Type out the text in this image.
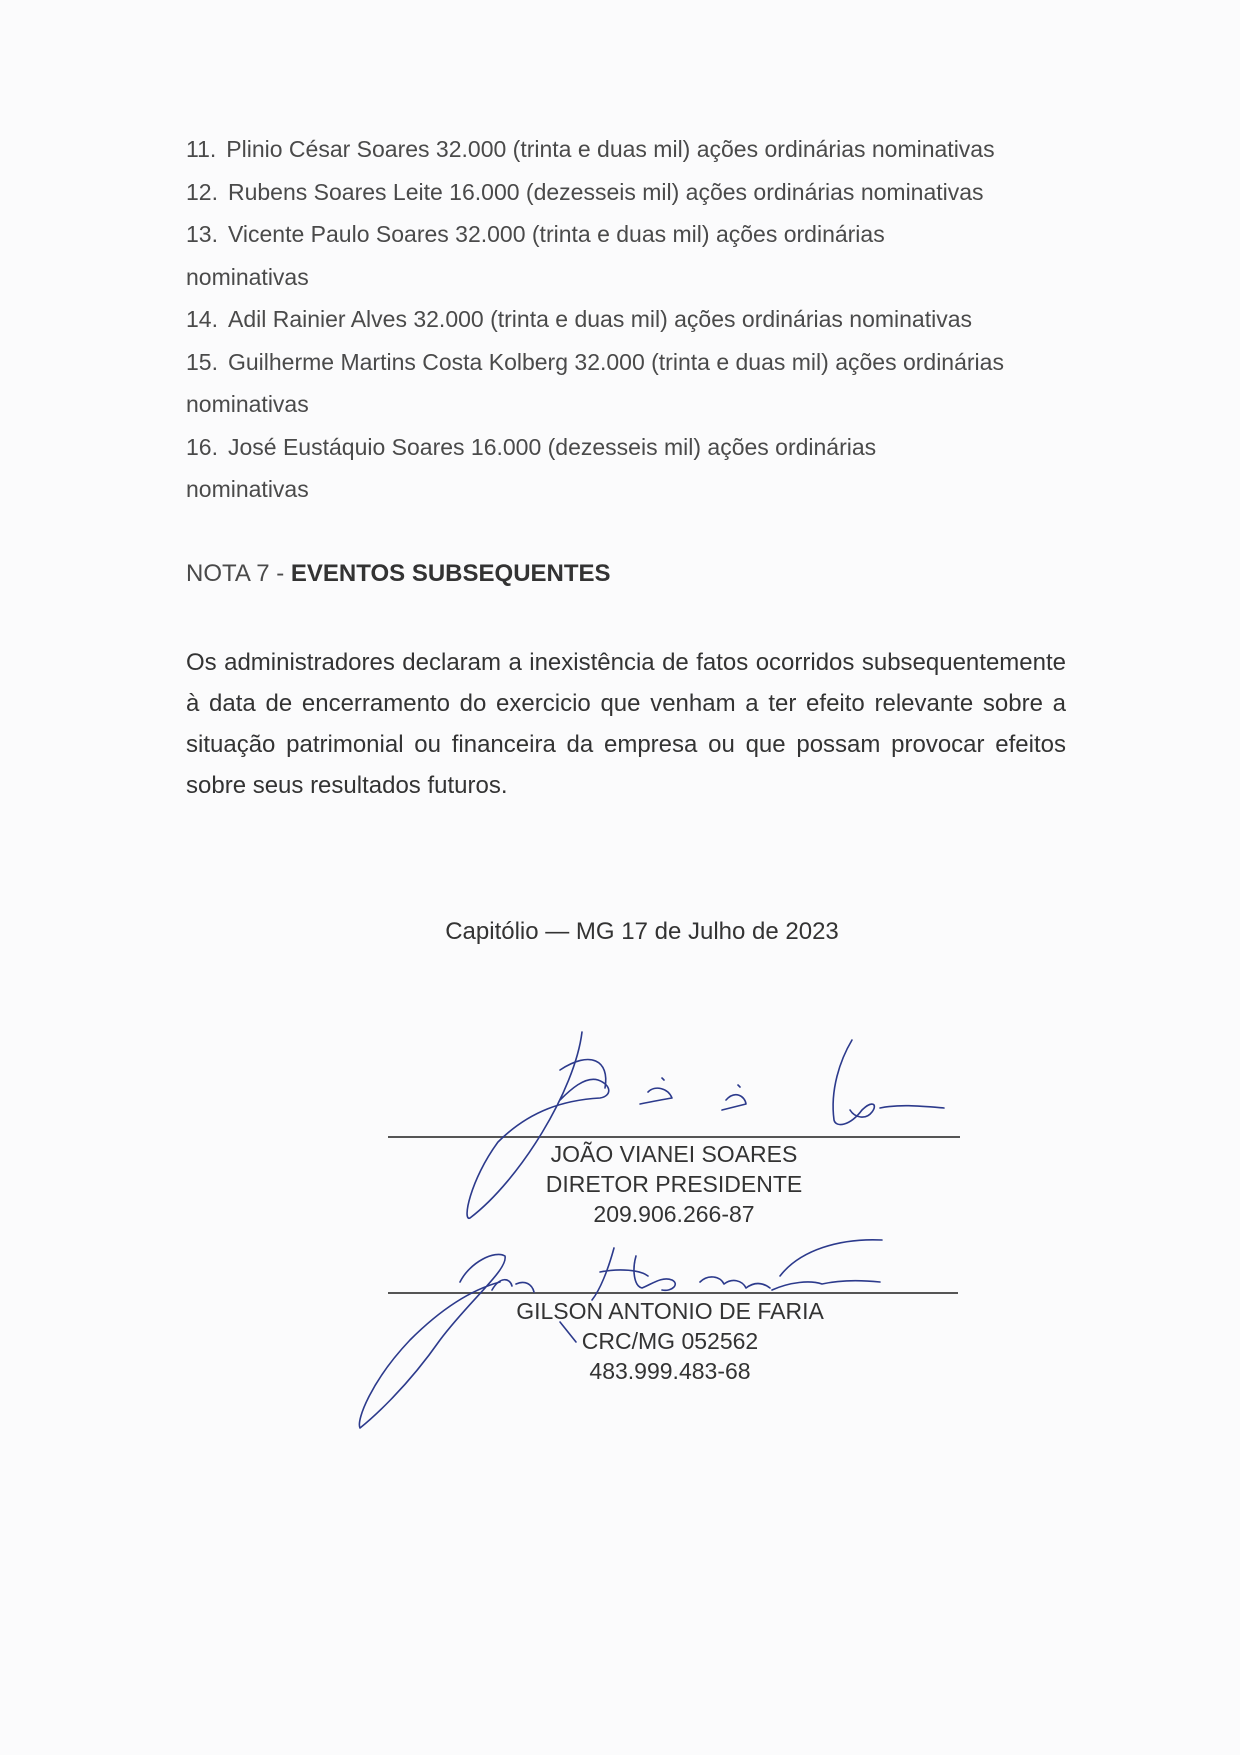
11. Plinio César Soares 32.000 (trinta e duas mil) ações ordinárias nominativas

12. Rubens Soares Leite 16.000 (dezesseis mil) ações ordinárias nominativas

13. Vicente Paulo Soares 32.000 (trinta e duas mil) ações ordinárias nominativas

14. Adil Rainier Alves 32.000 (trinta e duas mil) ações ordinárias nominativas

15. Guilherme Martins Costa Kolberg 32.000 (trinta e duas mil) ações ordinárias nominativas

16. José Eustáquio Soares 16.000 (dezesseis mil) ações ordinárias nominativas

NOTA 7 - EVENTOS SUBSEQUENTES

Os administradores declaram a inexistência de fatos ocorridos subsequentemente à data de encerramento do exercicio que venham a ter efeito relevante sobre a situação patrimonial ou financeira da empresa ou que possam provocar efeitos sobre seus resultados futuros.

Capitólio — MG 17 de Julho de 2023
JOÃO VIANEI SOARES
DIRETOR PRESIDENTE
209.906.266-87
GILSON ANTONIO DE FARIA
CRC/MG 052562
483.999.483-68
